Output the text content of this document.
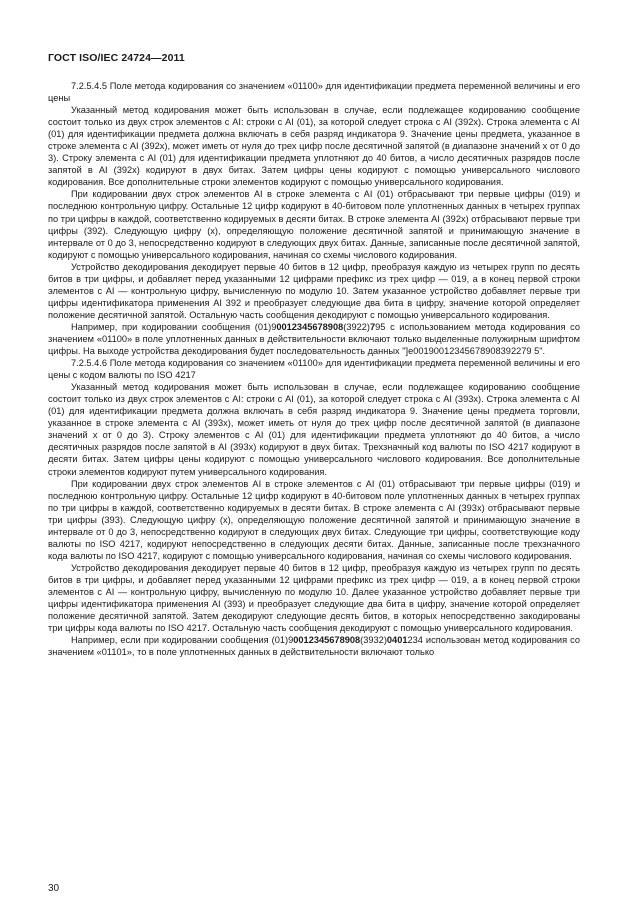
ГОСТ ISO/IEC 24724—2011

7.2.5.4.5 Поле метода кодирования со значением «01100» для идентификации предмета переменной величины и его цены

Указанный метод кодирования может быть использован в случае, если подлежащее кодированию сообщение состоит только из двух строк элементов с AI: строки с AI (01), за которой следует строка с AI (392x). Строка элемента с AI (01) для идентификации предмета должна включать в себя разряд индикатора 9. Значение цены предмета, указанное в строке элемента с AI (392x), может иметь от нуля до трех цифр после десятичной запятой (в диапазоне значений x от 0 до 3). Строку элемента с AI (01) для идентификации предмета уплотняют до 40 битов, а число десятичных разрядов после запятой в AI (392x) кодируют в двух битах. Затем цифры цены кодируют с помощью универсального числового кодирования. Все дополнительные строки элементов кодируют с помощью универсального кодирования.

При кодировании двух строк элементов AI в строке элемента с AI (01) отбрасывают три первые цифры (019) и последнюю контрольную цифру. Остальные 12 цифр кодируют в 40-битовом поле уплотненных данных в четырех группах по три цифры в каждой, соответственно кодируемых в десяти битах. В строке элемента AI (392x) отбрасывают первые три цифры (392). Следующую цифру (x), определяющую положение десятичной запятой и принимающую значение в интервале от 0 до 3, непосредственно кодируют в следующих двух битах. Данные, записанные после десятичной запятой, кодируют с помощью универсального кодирования, начиная со схемы числового кодирования.

Устройство декодирования декодирует первые 40 битов в 12 цифр, преобразуя каждую из четырех групп по десять битов в три цифры, и добавляет перед указанными 12 цифрами префикс из трех цифр — 019, а в конец первой строки элементов с AI — контрольную цифру, вычисленную по модулю 10. Затем указанное устройство добавляет первые три цифры идентификатора применения AI 392 и преобразует следующие два бита в цифру, значение которой определяет положение десятичной запятой. Остальную часть сообщения декодируют с помощью универсального кодирования.

Например, при кодировании сообщения (01)90012345678908(3922)795 с использованием метода кодирования со значением «01100» в поле уплотненных данных в действительности включают только выделенные полужирным шрифтом цифры. На выходе устройства декодирования будет последовательность данных "]e00190012345678908392279 5".

7.2.5.4.6 Поле метода кодирования со значением «01100» для идентификации предмета переменной величины и его цены с кодом валюты по ISO 4217

Указанный метод кодирования может быть использован в случае, если подлежащее кодированию сообщение состоит только из двух строк элементов с AI: строки с AI (01), за которой следует строка с AI (393x). Строка элемента с AI (01) для идентификации предмета должна включать в себя разряд индикатора 9. Значение цены предмета торговли, указанное в строке элемента с AI (393x), может иметь от нуля до трех цифр после десятичной запятой (в диапазоне значений x от 0 до 3). Строку элементов с AI (01) для идентификации предмета уплотняют до 40 битов, а число десятичных разрядов после запятой в AI (393x) кодируют в двух битах. Трехзначный код валюты по ISO 4217 кодируют в десяти битах. Затем цифры цены кодируют с помощью универсального числового кодирования. Все дополнительные строки элементов кодируют путем универсального кодирования.

При кодировании двух строк элементов AI в строке элементов с AI (01) отбрасывают три первые цифры (019) и последнюю контрольную цифру. Остальные 12 цифр кодируют в 40-битовом поле уплотненных данных в четырех группах по три цифры в каждой, соответственно кодируемых в десяти битах. В строке элемента с AI (393x) отбрасывают первые три цифры (393). Следующую цифру (x), определяющую положение десятичной запятой и принимающую значение в интервале от 0 до 3, непосредственно кодируют в следующих двух битах. Следующие три цифры, соответствующие коду валюты по ISO 4217, кодируют непосредственно в следующих десяти битах. Данные, записанные после трехзначного кода валюты по ISO 4217, кодируют с помощью универсального кодирования, начиная со схемы числового кодирования.

Устройство декодирования декодирует первые 40 битов в 12 цифр, преобразуя каждую из четырех групп по десять битов в три цифры, и добавляет перед указанными 12 цифрами префикс из трех цифр — 019, а в конец первой строки элементов с AI — контрольную цифру, вычисленную по модулю 10. Далее указанное устройство добавляет первые три цифры идентификатора применения AI (393) и преобразует следующие два бита в цифру, значение которой определяет положение десятичной запятой. Затем декодируют следующие десять битов, в которых непосредственно закодированы три цифры кода валюты по ISO 4217. Остальную часть сообщения декодируют с помощью универсального кодирования.

Например, если при кодировании сообщения (01)90012345678908(3932)0401234 использован метод кодирования со значением «01101», то в поле уплотненных данных в действительности включают только

30
